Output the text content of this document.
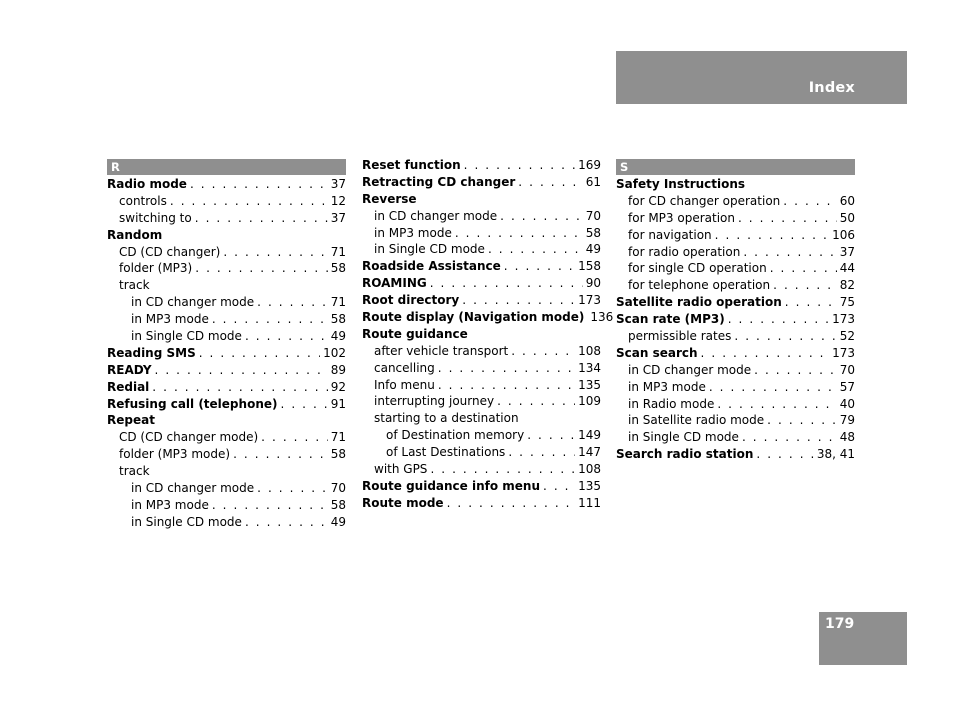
Index
R
Radio mode . . .	37
controls . . .	12
switching to . . .	37
Random
CD (CD changer) . . .	71
folder (MP3) . . .	58
track
in CD changer mode . . .	71
in MP3 mode . . .	58
in Single CD mode . . .	49
Reading SMS . . .	102
READY . . .	89
Redial . . .	92
Refusing call (telephone) . . .	91
Repeat
CD (CD changer mode) . . .	71
folder (MP3 mode) . . .	58
track
in CD changer mode . . .	70
in MP3 mode . . .	58
in Single CD mode . . .	49
Reset function . . .	169
Retracting CD changer . . .	61
Reverse
in CD changer mode . . .	70
in MP3 mode . . .	58
in Single CD mode . . .	49
Roadside Assistance . . .	158
ROAMING . . .	90
Root directory . . .	173
Route display (Navigation mode) 136
Route guidance
after vehicle transport . . .	108
cancelling . . .	134
Info menu . . .	135
interrupting journey . . .	109
starting to a destination
of Destination memory . . .	149
of Last Destinations . . .	147
with GPS . . .	108
Route guidance info menu . . .	135
Route mode . . .	111
S
Safety Instructions
for CD changer operation . . .	60
for MP3 operation . . .	50
for navigation . . .	106
for radio operation . . .	37
for single CD operation . . .	44
for telephone operation . . .	82
Satellite radio operation . . .	75
Scan rate (MP3) . . .	173
permissible rates . . .	52
Scan search . . .	173
in CD changer mode . . .	70
in MP3 mode . . .	57
in Radio mode . . .	40
in Satellite radio mode . . .	79
in Single CD mode . . .	48
Search radio station . . .	38, 41
179
